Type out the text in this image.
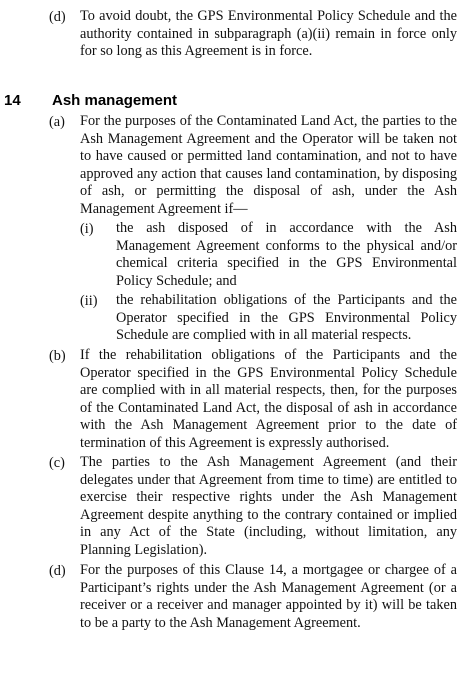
(d) To avoid doubt, the GPS Environmental Policy Schedule and the authority contained in subparagraph (a)(ii) remain in force only for so long as this Agreement is in force.
14 Ash management
(a) For the purposes of the Contaminated Land Act, the parties to the Ash Management Agreement and the Operator will be taken not to have caused or permitted land contamination, and not to have approved any action that causes land contamination, by disposing of ash, or permitting the disposal of ash, under the Ash Management Agreement if—
(i) the ash disposed of in accordance with the Ash Management Agreement conforms to the physical and/or chemical criteria specified in the GPS Environmental Policy Schedule; and
(ii) the rehabilitation obligations of the Participants and the Operator specified in the GPS Environmental Policy Schedule are complied with in all material respects.
(b) If the rehabilitation obligations of the Participants and the Operator specified in the GPS Environmental Policy Schedule are complied with in all material respects, then, for the purposes of the Contaminated Land Act, the disposal of ash in accordance with the Ash Management Agreement prior to the date of termination of this Agreement is expressly authorised.
(c) The parties to the Ash Management Agreement (and their delegates under that Agreement from time to time) are entitled to exercise their respective rights under the Ash Management Agreement despite anything to the contrary contained or implied in any Act of the State (including, without limitation, any Planning Legislation).
(d) For the purposes of this Clause 14, a mortgagee or chargee of a Participant’s rights under the Ash Management Agreement (or a receiver or a receiver and manager appointed by it) will be taken to be a party to the Ash Management Agreement.
